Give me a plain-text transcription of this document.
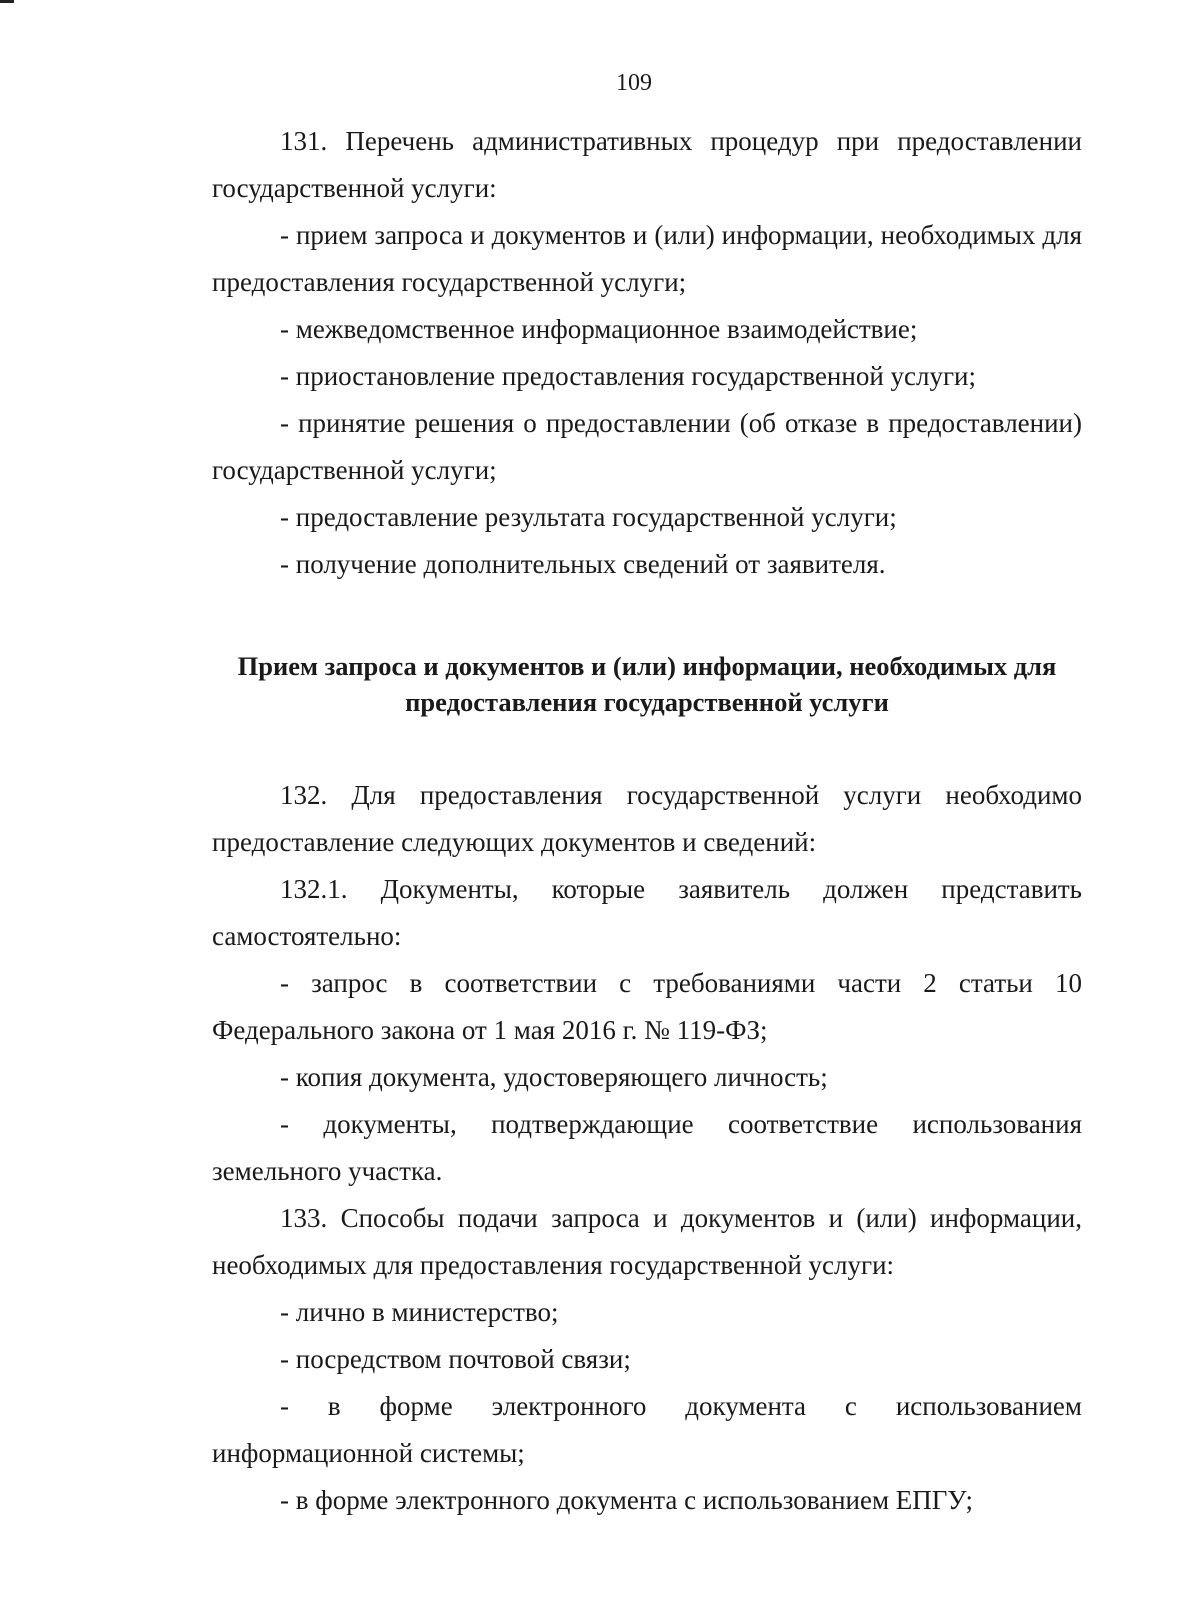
109

131. Перечень административных процедур при предоставлении государственной услуги:

- прием запроса и документов и (или) информации, необходимых для предоставления государственной услуги;

- межведомственное информационное взаимодействие;

- приостановление предоставления государственной услуги;

- принятие решения о предоставлении (об отказе в предоставлении) государственной услуги;

- предоставление результата государственной услуги;

- получение дополнительных сведений от заявителя.

Прием запроса и документов и (или) информации, необходимых для
предоставления государственной услуги

132. Для предоставления государственной услуги необходимо предоставление следующих документов и сведений:

132.1. Документы, которые заявитель должен представить самостоятельно:

- запрос в соответствии с требованиями части 2 статьи 10 Федерального закона от 1 мая 2016 г. № 119-ФЗ;

- копия документа, удостоверяющего личность;

- документы, подтверждающие соответствие использования земельного участка.

133. Способы подачи запроса и документов и (или) информации, необходимых для предоставления государственной услуги:

- лично в министерство;

- посредством почтовой связи;

- в форме электронного документа с использованием информационной системы;

- в форме электронного документа с использованием ЕПГУ;
